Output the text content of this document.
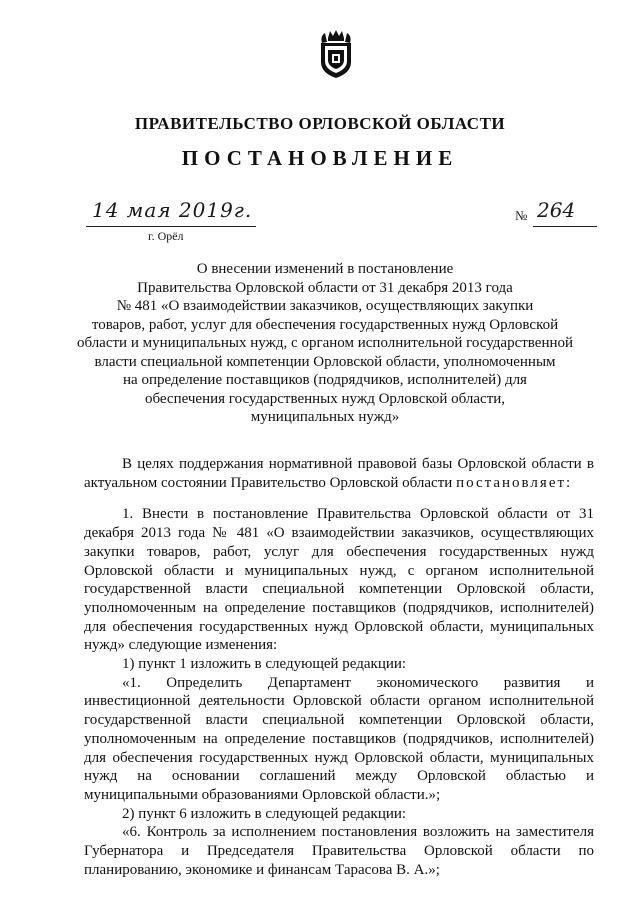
ПРАВИТЕЛЬСТВО ОРЛОВСКОЙ ОБЛАСТИ
ПОСТАНОВЛЕНИЕ
14 мая 2019г.
г. Орёл
№ 264
О внесении изменений в постановление
Правительства Орловской области от 31 декабря 2013 года
№ 481 «О взаимодействии заказчиков, осуществляющих закупки
товаров, работ, услуг для обеспечения государственных нужд Орловской
области и муниципальных нужд, с органом исполнительной государственной
власти специальной компетенции Орловской области, уполномоченным
на определение поставщиков (подрядчиков, исполнителей) для
обеспечения государственных нужд Орловской области,
муниципальных нужд»

В целях поддержания нормативной правовой базы Орловской области в актуальном состоянии Правительство Орловской области постановляет:

1. Внести в постановление Правительства Орловской области от 31 декабря 2013 года № 481 «О взаимодействии заказчиков, осуществляющих закупки товаров, работ, услуг для обеспечения государственных нужд Орловской области и муниципальных нужд, с органом исполнительной государственной власти специальной компетенции Орловской области, уполномоченным на определение поставщиков (подрядчиков, исполнителей) для обеспечения государственных нужд Орловской области, муниципальных нужд» следующие изменения:

1) пункт 1 изложить в следующей редакции:

«1. Определить Департамент экономического развития и инвестиционной деятельности Орловской области органом исполнительной государственной власти специальной компетенции Орловской области, уполномоченным на определение поставщиков (подрядчиков, исполнителей) для обеспечения государственных нужд Орловской области, муниципальных нужд на основании соглашений между Орловской областью и муниципальными образованиями Орловской области.»;

2) пункт 6 изложить в следующей редакции:

«6. Контроль за исполнением постановления возложить на заместителя Губернатора и Председателя Правительства Орловской области по планированию, экономике и финансам Тарасова В. А.»;
